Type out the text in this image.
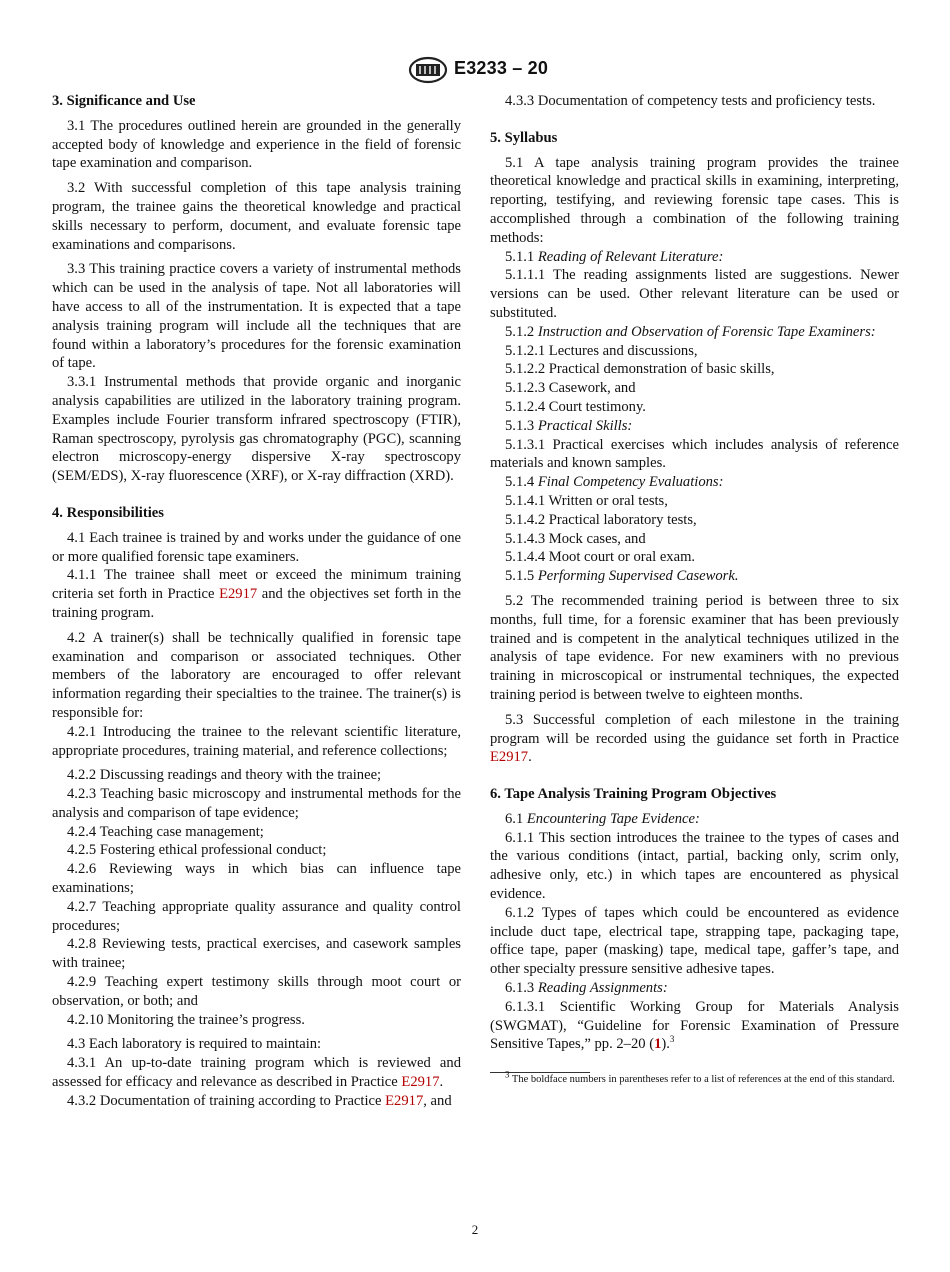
E3233 – 20
3. Significance and Use

3.1 The procedures outlined herein are grounded in the generally accepted body of knowledge and experience in the field of forensic tape examination and comparison.

3.2 With successful completion of this tape analysis training program, the trainee gains the theoretical knowledge and practical skills necessary to perform, document, and evaluate forensic tape examinations and comparisons.

3.3 This training practice covers a variety of instrumental methods which can be used in the analysis of tape. Not all laboratories will have access to all of the instrumentation. It is expected that a tape analysis training program will include all the techniques that are found within a laboratory’s procedures for the forensic examination of tape.

3.3.1 Instrumental methods that provide organic and inorganic analysis capabilities are utilized in the laboratory training program. Examples include Fourier transform infrared spectroscopy (FTIR), Raman spectroscopy, pyrolysis gas chromatography (PGC), scanning electron microscopy-energy dispersive X-ray spectroscopy (SEM/EDS), X-ray fluorescence (XRF), or X-ray diffraction (XRD).

4. Responsibilities

4.1 Each trainee is trained by and works under the guidance of one or more qualified forensic tape examiners.

4.1.1 The trainee shall meet or exceed the minimum training criteria set forth in Practice E2917 and the objectives set forth in the training program.

4.2 A trainer(s) shall be technically qualified in forensic tape examination and comparison or associated techniques. Other members of the laboratory are encouraged to offer relevant information regarding their specialties to the trainee. The trainer(s) is responsible for:

4.2.1 Introducing the trainee to the relevant scientific literature, appropriate procedures, training material, and reference collections;

4.2.2 Discussing readings and theory with the trainee;

4.2.3 Teaching basic microscopy and instrumental methods for the analysis and comparison of tape evidence;

4.2.4 Teaching case management;

4.2.5 Fostering ethical professional conduct;

4.2.6 Reviewing ways in which bias can influence tape examinations;

4.2.7 Teaching appropriate quality assurance and quality control procedures;

4.2.8 Reviewing tests, practical exercises, and casework samples with trainee;

4.2.9 Teaching expert testimony skills through moot court or observation, or both; and

4.2.10 Monitoring the trainee’s progress.

4.3 Each laboratory is required to maintain:

4.3.1 An up-to-date training program which is reviewed and assessed for efficacy and relevance as described in Practice E2917.

4.3.2 Documentation of training according to Practice E2917, and

4.3.3 Documentation of competency tests and proficiency tests.

5. Syllabus

5.1 A tape analysis training program provides the trainee theoretical knowledge and practical skills in examining, interpreting, reporting, testifying, and reviewing forensic tape cases. This is accomplished through a combination of the following training methods:

5.1.1 Reading of Relevant Literature:

5.1.1.1 The reading assignments listed are suggestions. Newer versions can be used. Other relevant literature can be used or substituted.

5.1.2 Instruction and Observation of Forensic Tape Examiners:

5.1.2.1 Lectures and discussions,

5.1.2.2 Practical demonstration of basic skills,

5.1.2.3 Casework, and

5.1.2.4 Court testimony.

5.1.3 Practical Skills:

5.1.3.1 Practical exercises which includes analysis of reference materials and known samples.

5.1.4 Final Competency Evaluations:

5.1.4.1 Written or oral tests,

5.1.4.2 Practical laboratory tests,

5.1.4.3 Mock cases, and

5.1.4.4 Moot court or oral exam.

5.1.5 Performing Supervised Casework.

5.2 The recommended training period is between three to six months, full time, for a forensic examiner that has been previously trained and is competent in the analytical techniques utilized in the analysis of tape evidence. For new examiners with no previous training in microscopical or instrumental techniques, the expected training period is between twelve to eighteen months.

5.3 Successful completion of each milestone in the training program will be recorded using the guidance set forth in Practice E2917.

6. Tape Analysis Training Program Objectives

6.1 Encountering Tape Evidence:

6.1.1 This section introduces the trainee to the types of cases and the various conditions (intact, partial, backing only, scrim only, adhesive only, etc.) in which tapes are encountered as physical evidence.

6.1.2 Types of tapes which could be encountered as evidence include duct tape, electrical tape, strapping tape, packaging tape, office tape, paper (masking) tape, medical tape, gaffer’s tape, and other specialty pressure sensitive adhesive tapes.

6.1.3 Reading Assignments:

6.1.3.1 Scientific Working Group for Materials Analysis (SWGMAT), “Guideline for Forensic Examination of Pressure Sensitive Tapes,” pp. 2–20 (1).$^3$

$^3$ The boldface numbers in parentheses refer to a list of references at the end of this standard.

2
